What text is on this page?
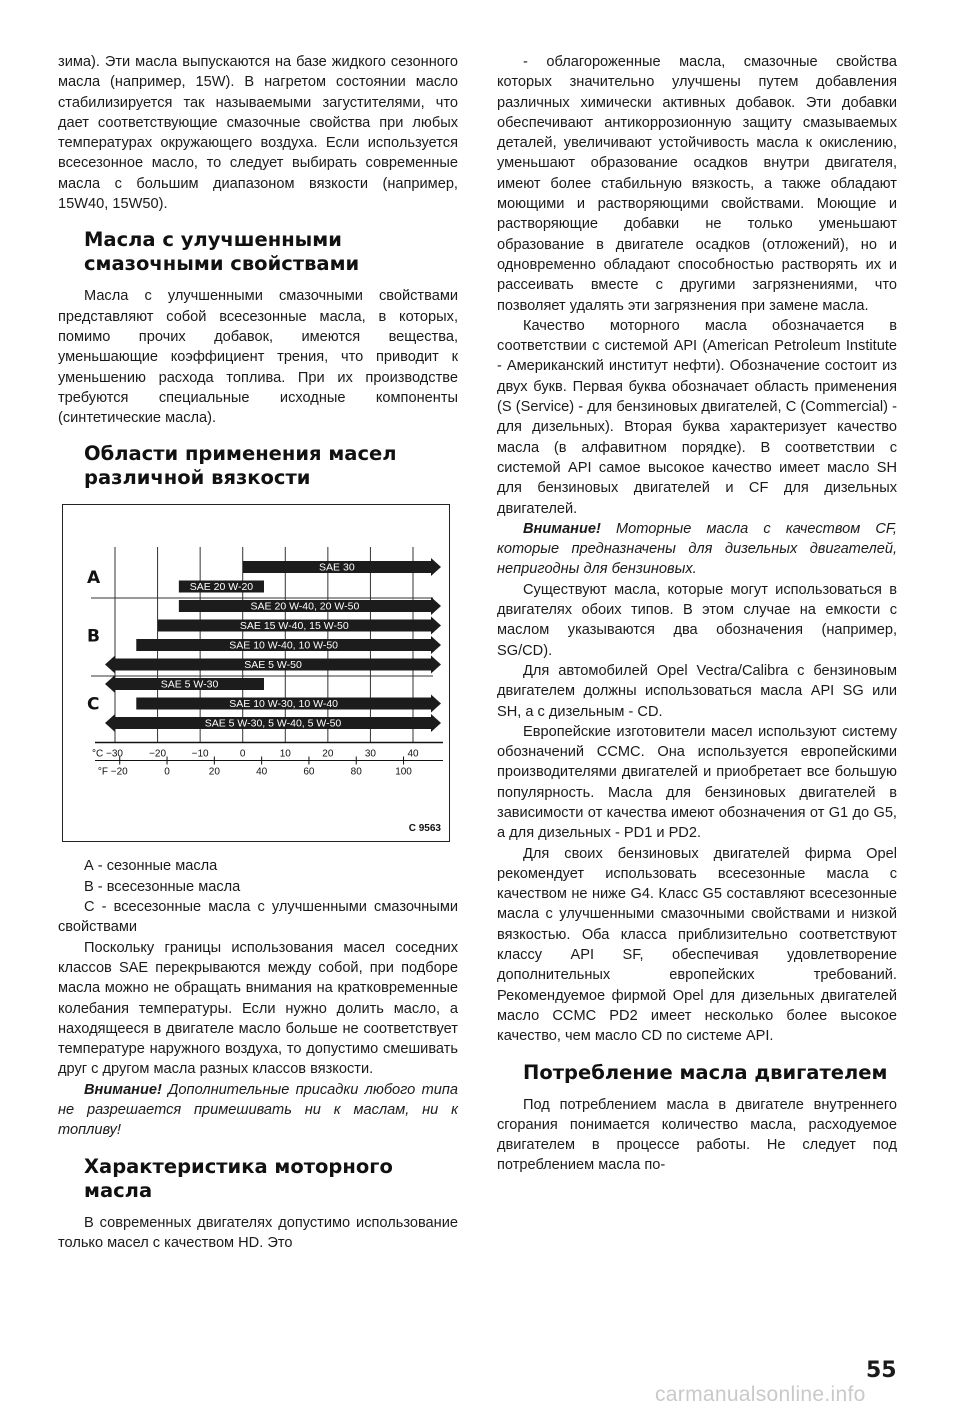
зима). Эти масла выпускаются на базе жидкого сезонного масла (например, 15W). В нагретом состоянии масло стабилизируется так называемыми загустителями, что дает соответствующие смазочные свойства при любых температурах окружающего воздуха. Если используется всесезонное масло, то следует выбирать современные масла с большим диапазоном вязкости (например, 15W40, 15W50).

Масла с улучшенными смазочными свойствами

Масла с улучшенными смазочными свойствами представляют собой всесезонные масла, в которых, помимо прочих добавок, имеются вещества, уменьшающие коэффициент трения, что приводит к уменьшению расхода топлива. При их производстве требуются специальные исходные компоненты (синтетические масла).

Области применения масел различной вязкости
SAE 30
SAE 20 W-20
SAE 20 W-40, 20 W-50
SAE 15 W-40, 15 W-50
SAE 10 W-40, 10 W-50
SAE 5 W-50
SAE 5 W-30
SAE 10 W-30, 10 W-40
SAE 5 W-30, 5 W-40, 5 W-50
A
B
C
°C −30	−20	−10	0	10	20	30	40
°F −20	0	20	40	60	80	100
C 9563

А - сезонные масла

В - всесезонные масла

С - всесезонные масла с улучшенными смазочными свойствами

Поскольку границы использования масел соседних классов SAE перекрываются между собой, при подборе масла можно не обращать внимания на кратковременные колебания температуры. Если нужно долить масло, а находящееся в двигателе масло больше не соответствует температуре наружного воздуха, то допустимо смешивать друг с другом масла разных классов вязкости.

Внимание! Дополнительные присадки любого типа не разрешается примешивать ни к маслам, ни к топливу!

Характеристика моторного масла

В современных двигателях допустимо использование только масел с качеством HD. Это

- облагороженные масла, смазочные свойства которых значительно улучшены путем добавления различных химически активных добавок. Эти добавки обеспечивают антикоррозионную защиту смазываемых деталей, увеличивают устойчивость масла к окислению, уменьшают образование осадков внутри двигателя, имеют более стабильную вязкость, а также обладают моющими и растворяющими свойствами. Моющие и растворяющие добавки не только уменьшают образование в двигателе осадков (отложений), но и одновременно обладают способностью растворять их и рассеивать вместе с другими загрязнениями, что позволяет удалять эти загрязнения при замене масла.

Качество моторного масла обозначается в соответствии с системой API (American Petroleum Institute - Американский институт нефти). Обозначение состоит из двух букв. Первая буква обозначает область применения (S (Service) - для бензиновых двигателей, С (Commercial) - для дизельных). Вторая буква характеризует качество масла (в алфавитном порядке). В соответствии с системой API самое высокое качество имеет масло SH для бензиновых двигателей и CF для дизельных двигателей.

Внимание! Моторные масла с качеством CF, которые предназначены для дизельных двигателей, непригодны для бензиновых.

Существуют масла, которые могут использоваться в двигателях обоих типов. В этом случае на емкости с маслом указываются два обозначения (например, SG/CD).

Для автомобилей Opel Vectra/Calibra с бензиновым двигателем должны использоваться масла API SG или SH, а с дизельным - CD.

Европейские изготовители масел используют систему обозначений CCMC. Она используется европейскими производителями двигателей и приобретает все большую популярность. Масла для бензиновых двигателей в зависимости от качества имеют обозначения от G1 до G5, а для дизельных - PD1 и PD2.

Для своих бензиновых двигателей фирма Opel рекомендует использовать всесезонные масла с качеством не ниже G4. Класс G5 составляют всесезонные масла с улучшенными смазочными свойствами и низкой вязкостью. Оба класса приблизительно соответствуют классу API SF, обеспечивая удовлетворение дополнительных европейских требований. Рекомендуемое фирмой Opel для дизельных двигателей масло CCMC PD2 имеет несколько более высокое качество, чем масло CD по системе API.

Потребление масла двигателем

Под потреблением масла в двигателе внутреннего сгорания понимается количество масла, расходуемое двигателем в процессе работы. Не следует под потреблением масла по-

55
carmanualsonline.info
